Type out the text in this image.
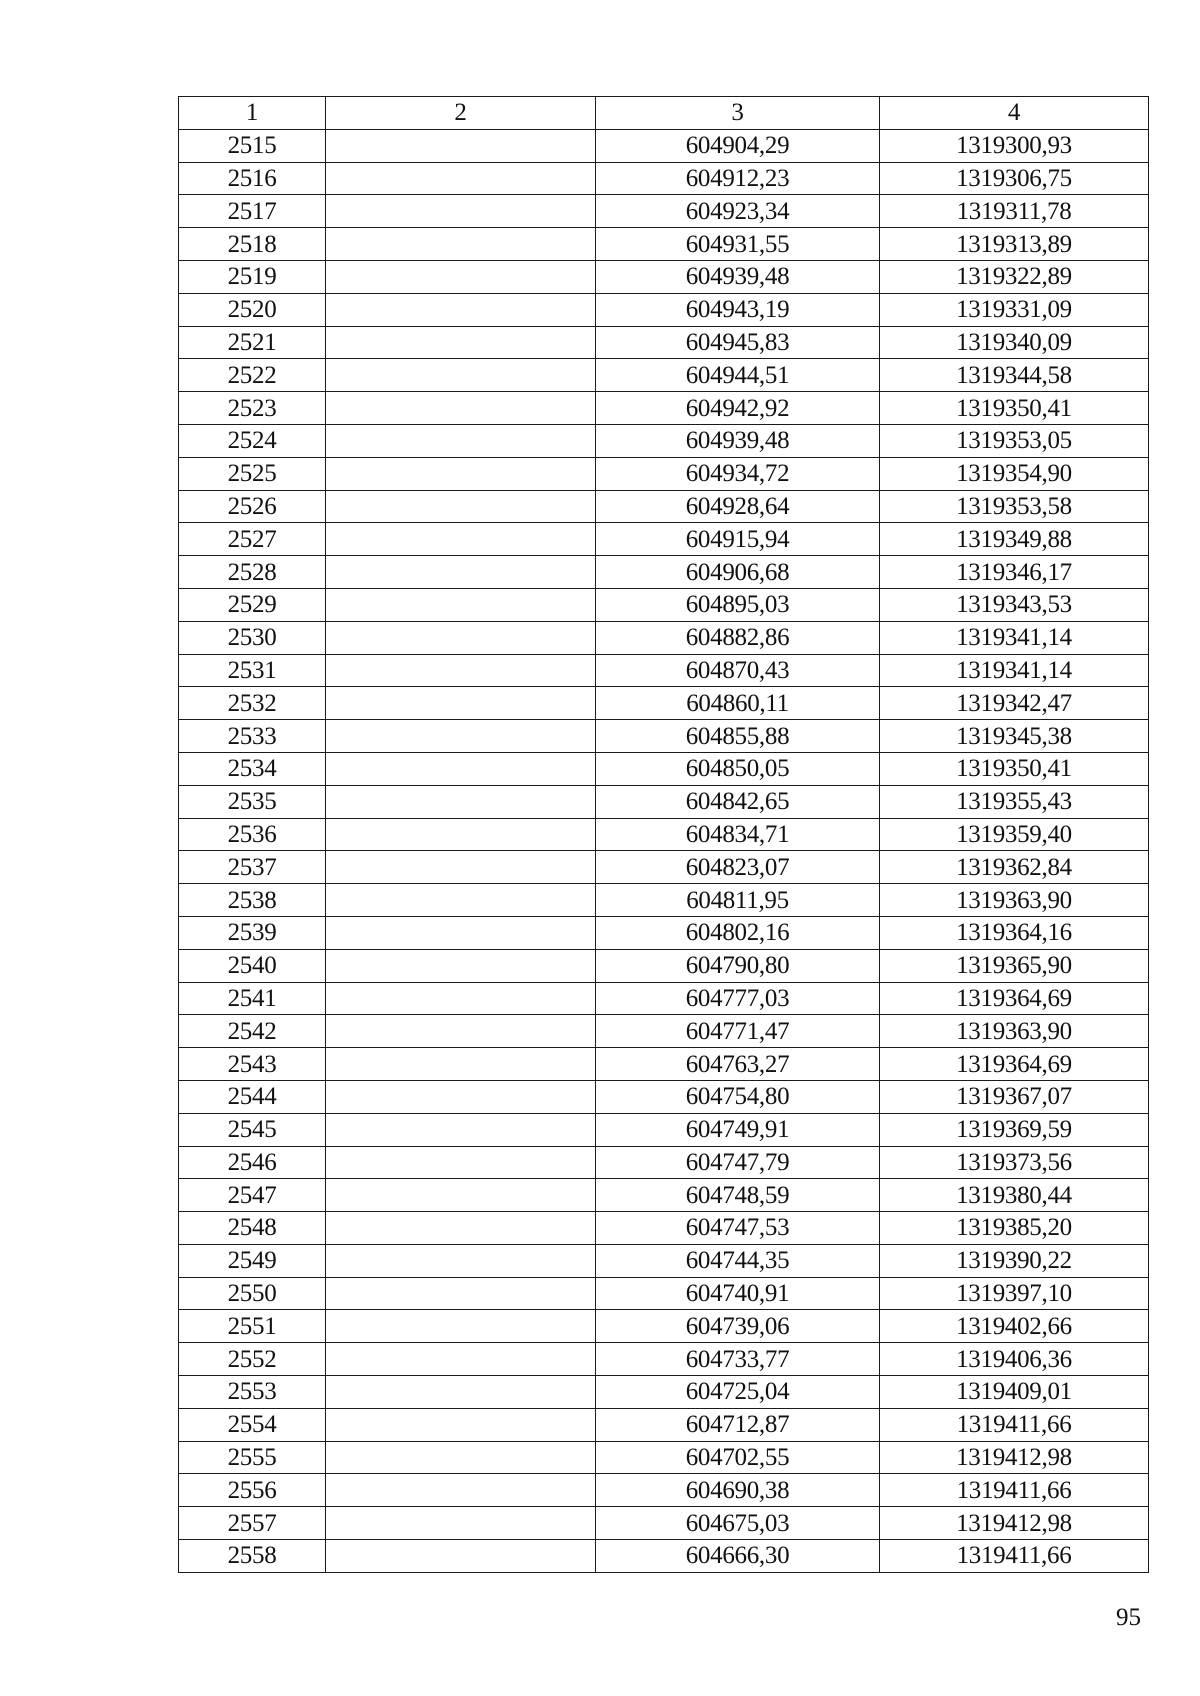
1	2	3	4
2515		604904,29	1319300,93
2516		604912,23	1319306,75
2517		604923,34	1319311,78
2518		604931,55	1319313,89
2519		604939,48	1319322,89
2520		604943,19	1319331,09
2521		604945,83	1319340,09
2522		604944,51	1319344,58
2523		604942,92	1319350,41
2524		604939,48	1319353,05
2525		604934,72	1319354,90
2526		604928,64	1319353,58
2527		604915,94	1319349,88
2528		604906,68	1319346,17
2529		604895,03	1319343,53
2530		604882,86	1319341,14
2531		604870,43	1319341,14
2532		604860,11	1319342,47
2533		604855,88	1319345,38
2534		604850,05	1319350,41
2535		604842,65	1319355,43
2536		604834,71	1319359,40
2537		604823,07	1319362,84
2538		604811,95	1319363,90
2539		604802,16	1319364,16
2540		604790,80	1319365,90
2541		604777,03	1319364,69
2542		604771,47	1319363,90
2543		604763,27	1319364,69
2544		604754,80	1319367,07
2545		604749,91	1319369,59
2546		604747,79	1319373,56
2547		604748,59	1319380,44
2548		604747,53	1319385,20
2549		604744,35	1319390,22
2550		604740,91	1319397,10
2551		604739,06	1319402,66
2552		604733,77	1319406,36
2553		604725,04	1319409,01
2554		604712,87	1319411,66
2555		604702,55	1319412,98
2556		604690,38	1319411,66
2557		604675,03	1319412,98
2558		604666,30	1319411,66
95
